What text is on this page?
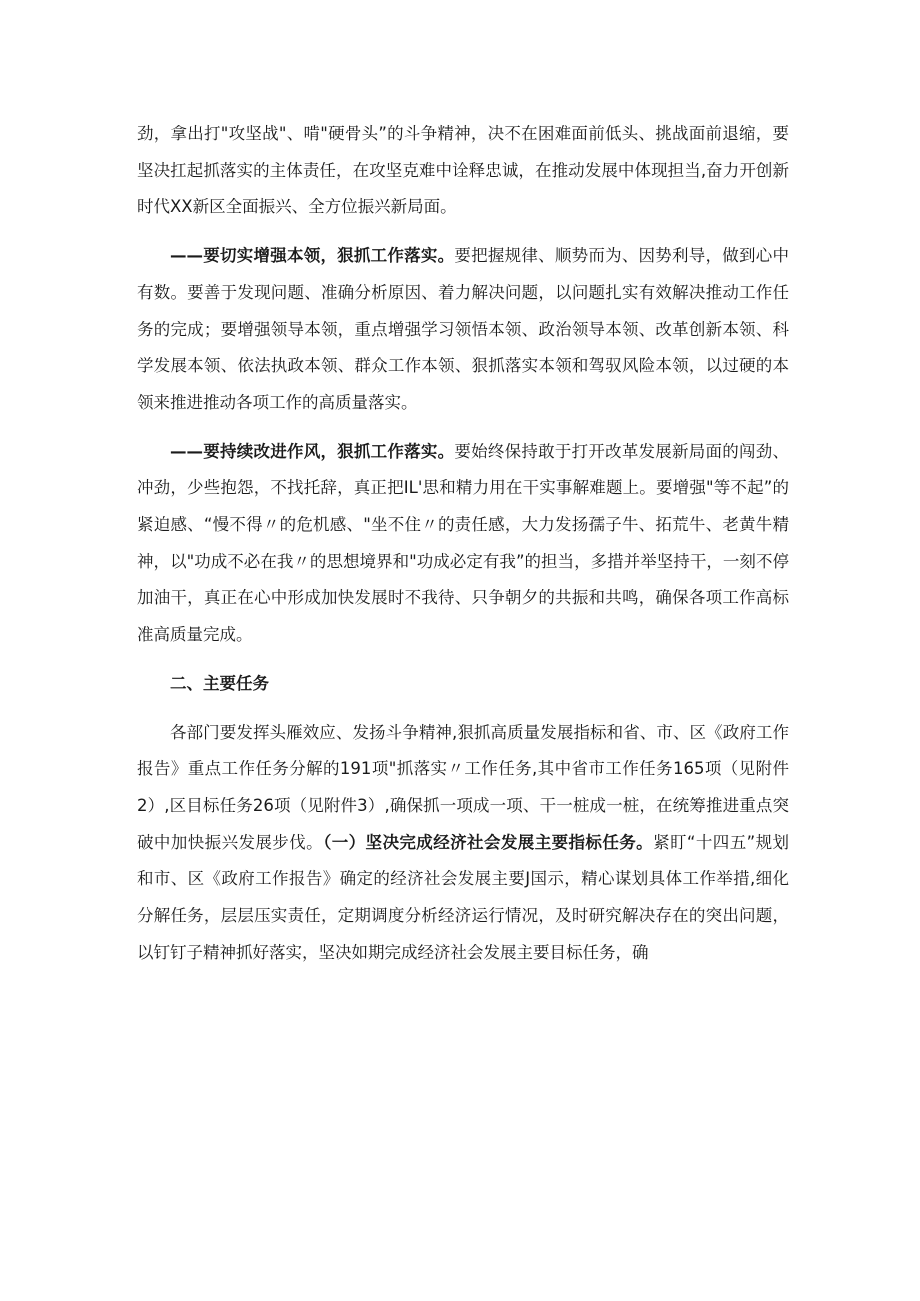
劲，拿出打"攻坚战"、啃"硬骨头”的斗争精神，决不在困难面前低头、挑战面前退缩，要坚决扛起抓落实的主体责任，在攻坚克难中诠释忠诚，在推动发展中体现担当,奋力开创新时代XX新区全面振兴、全方位振兴新局面。

——要切实增强本领，狠抓工作落实。要把握规律、顺势而为、因势利导，做到心中有数。要善于发现问题、准确分析原因、着力解决问题，以问题扎实有效解决推动工作任务的完成；要增强领导本领，重点增强学习领悟本领、政治领导本领、改革创新本领、科学发展本领、依法执政本领、群众工作本领、狠抓落实本领和驾驭风险本领，以过硬的本领来推进推动各项工作的高质量落实。

——要持续改进作风，狠抓工作落实。要始终保持敢于打开改革发展新局面的闯劲、冲劲，少些抱怨，不找托辞，真正把IL'思和精力用在干实事解难题上。要增强"等不起”的紧迫感、“慢不得〃的危机感、"坐不住〃的责任感，大力发扬孺子牛、拓荒牛、老黄牛精神，以"功成不必在我〃的思想境界和"功成必定有我”的担当，多措并举坚持干，一刻不停加油干，真正在心中形成加快发展时不我待、只争朝夕的共振和共鸣，确保各项工作高标准高质量完成。

二、主要任务

各部门要发挥头雁效应、发扬斗争精神,狠抓高质量发展指标和省、市、区《政府工作报告》重点工作任务分解的191项"抓落实〃工作任务,其中省市工作任务165项（见附件2）,区目标任务26项（见附件3）,确保抓一项成一项、干一桩成一桩，在统筹推进重点突破中加快振兴发展步伐。（一）坚决完成经济社会发展主要指标任务。紧盯“十四五”规划和市、区《政府工作报告》确定的经济社会发展主要J国示，精心谋划具体工作举措,细化分解任务，层层压实责任，定期调度分析经济运行情况，及时研究解决存在的突出问题，以钉钉子精神抓好落实，坚决如期完成经济社会发展主要目标任务，确
